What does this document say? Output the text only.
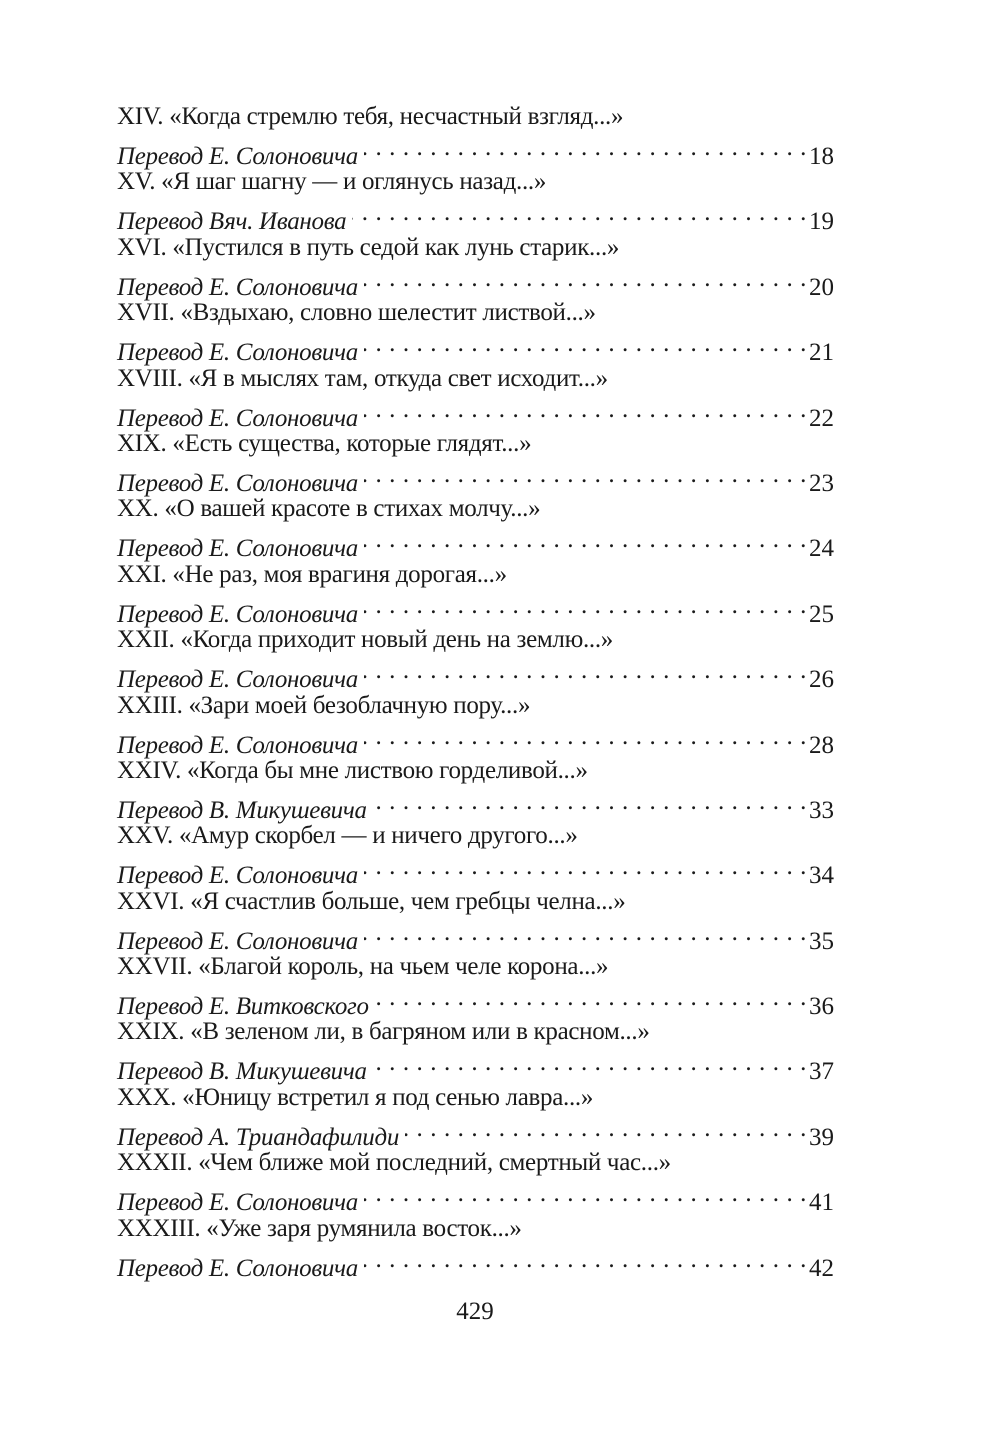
XIV. «Когда стремлю тебя, несчастный взгляд...»
Перевод Е. Солоновича . . .	18
XV. «Я шаг шагну — и оглянусь назад...»
Перевод Вяч. Иванова . . .	19
XVI. «Пустился в путь седой как лунь старик...»
Перевод Е. Солоновича . . .	20
XVII. «Вздыхаю, словно шелестит листвой...»
Перевод Е. Солоновича . . .	21
XVIII. «Я в мыслях там, откуда свет исходит...»
Перевод Е. Солоновича . . .	22
XIX. «Есть существа, которые глядят...»
Перевод Е. Солоновича . . .	23
XX. «О вашей красоте в стихах молчу...»
Перевод Е. Солоновича . . .	24
XXI. «Не раз, моя врагиня дорогая...»
Перевод Е. Солоновича . . .	25
XXII. «Когда приходит новый день на землю...»
Перевод Е. Солоновича . . .	26
XXIII. «Зари моей безоблачную пору...»
Перевод Е. Солоновича . . .	28
XXIV. «Когда бы мне листвою горделивой...»
Перевод В. Микушевича . . .	33
XXV. «Амур скорбел — и ничего другого...»
Перевод Е. Солоновича . . .	34
XXVI. «Я счастлив больше, чем гребцы челна...»
Перевод Е. Солоновича . . .	35
XXVII. «Благой король, на чьем челе корона...»
Перевод Е. Витковского . . .	36
XXIX. «В зеленом ли, в багряном или в красном...»
Перевод В. Микушевича . . .	37
XXX. «Юницу встретил я под сенью лавра...»
Перевод А. Триандафилиди . . .	39
XXXII. «Чем ближе мой последний, смертный час...»
Перевод Е. Солоновича . . .	41
XXXIII. «Уже заря румянила восток...»
Перевод Е. Солоновича . . .	42
429
